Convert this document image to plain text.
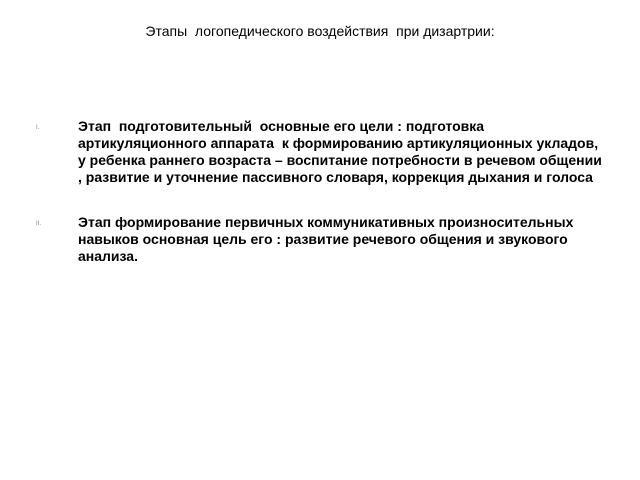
Этапы  логопедического воздействия  при дизартрии:
I.	Этап  подготовительный  основные его цели : подготовка артикуляционного аппарата  к формированию артикуляционных укладов, у ребенка раннего возраста – воспитание потребности в речевом общении , развитие и уточнение пассивного словаря, коррекция дыхания и голоса
II.	Этап формирование первичных коммуникативных произносительных навыков основная цель его : развитие речевого общения и звукового анализа.
